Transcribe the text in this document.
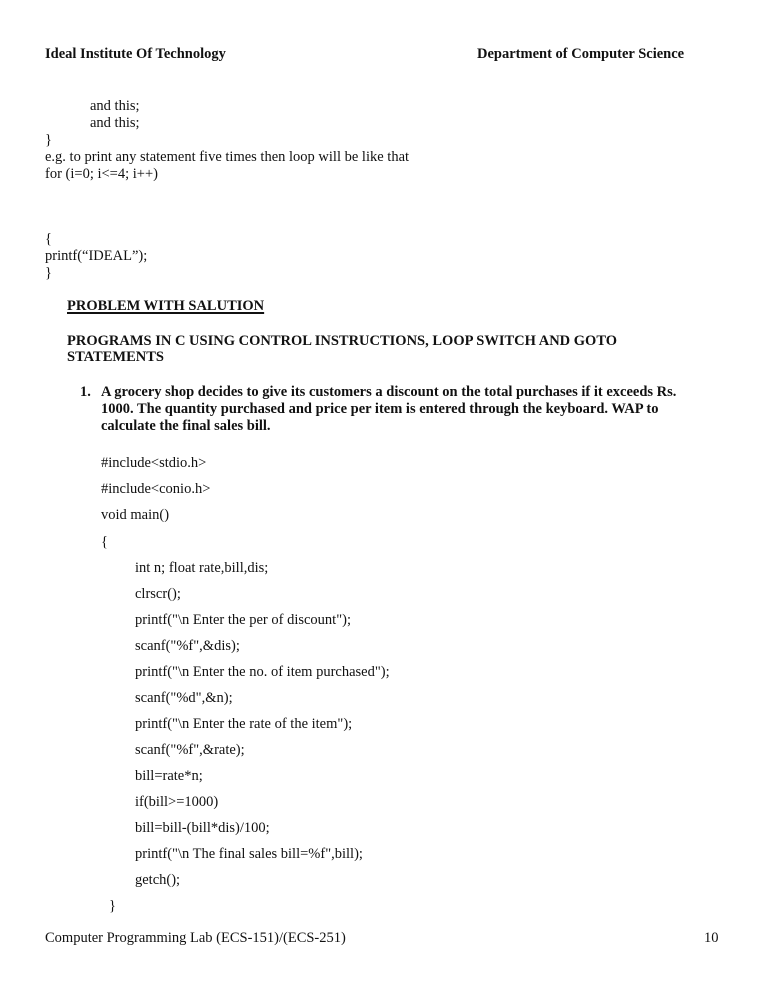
Ideal Institute Of Technology	Department of Computer Science
and this;
and this;
}
e.g. to print any statement five times then loop will be like that
for (i=0; i<=4; i++)
{
printf(“IDEAL”);
}
PROBLEM WITH SALUTION
PROGRAMS IN C USING CONTROL INSTRUCTIONS, LOOP SWITCH AND GOTO
STATEMENTS
1. A grocery shop decides to give its customers a discount on the total purchases if it exceeds Rs.
1000. The quantity purchased and price per item is entered through the keyboard. WAP to
calculate the final sales bill.
#include<stdio.h>
#include<conio.h>
void main()
{
int n; float rate,bill,dis;
clrscr();
printf("\n Enter the per of discount");
scanf("%f",&dis);
printf("\n Enter the no. of item purchased");
scanf("%d",&n);
printf("\n Enter the rate of the item");
scanf("%f",&rate);
bill=rate*n;
if(bill>=1000)
bill=bill-(bill*dis)/100;
printf("\n The final sales bill=%f",bill);
getch();
}
Computer Programming Lab (ECS-151)/(ECS-251)	10
